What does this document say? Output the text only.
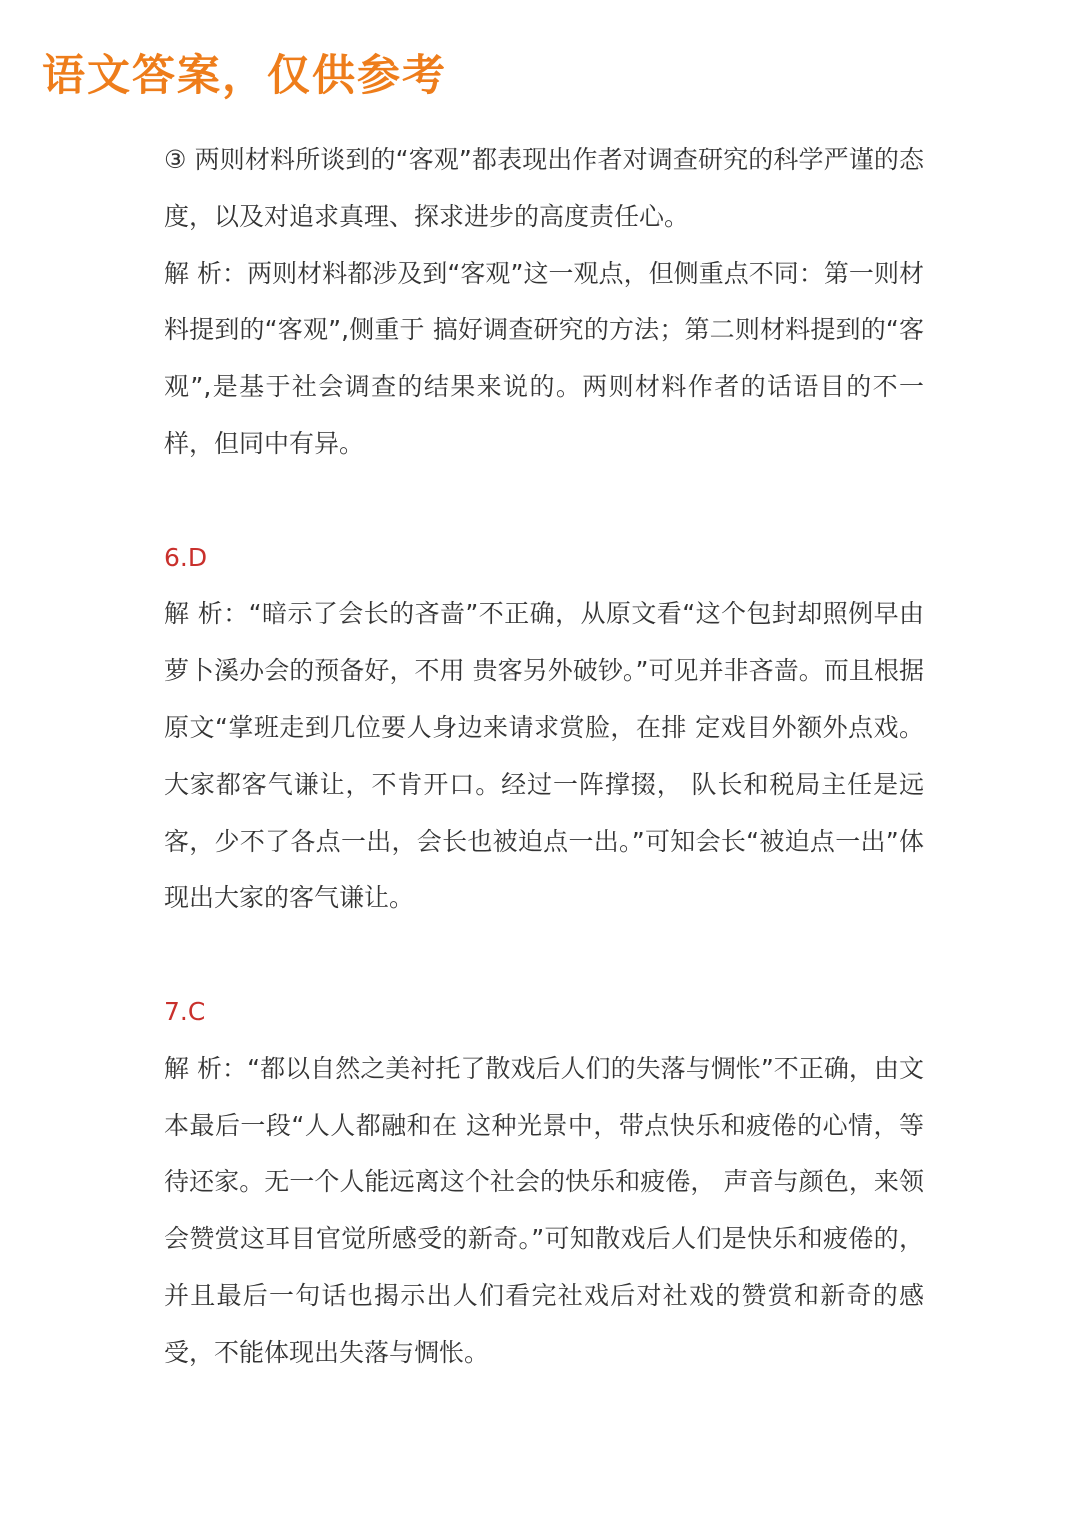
语文答案，仅供参考

③ 两则材料所谈到的“客观”都表现出作者对调查研究的科学严谨的态度，以及对追求真理、探求进步的高度责任心。

解 析：两则材料都涉及到“客观”这一观点，但侧重点不同：第一则材料提到的“客观”,侧重于 搞好调查研究的方法；第二则材料提到的“客观”,是基于社会调查的结果来说的。两则材料作者的话语目的不一样，但同中有异。

6.D

解 析：“暗示了会长的吝啬”不正确，从原文看“这个包封却照例早由萝卜溪办会的预备好，不用 贵客另外破钞。”可见并非吝啬。而且根据原文“掌班走到几位要人身边来请求赏脸，在排 定戏目外额外点戏。大家都客气谦让，不肯开口。经过一阵撑掇， 队长和税局主任是远客，少不了各点一出，会长也被迫点一出。”可知会长“被迫点一出”体现出大家的客气谦让。

7.C

解 析：“都以自然之美衬托了散戏后人们的失落与惆怅”不正确，由文本最后一段“人人都融和在 这种光景中，带点快乐和疲倦的心情，等待还家。无一个人能远离这个社会的快乐和疲倦， 声音与颜色，来领会赞赏这耳目官觉所感受的新奇。”可知散戏后人们是快乐和疲倦的，并且最后一句话也揭示出人们看完社戏后对社戏的赞赏和新奇的感受，不能体现出失落与惆怅。
